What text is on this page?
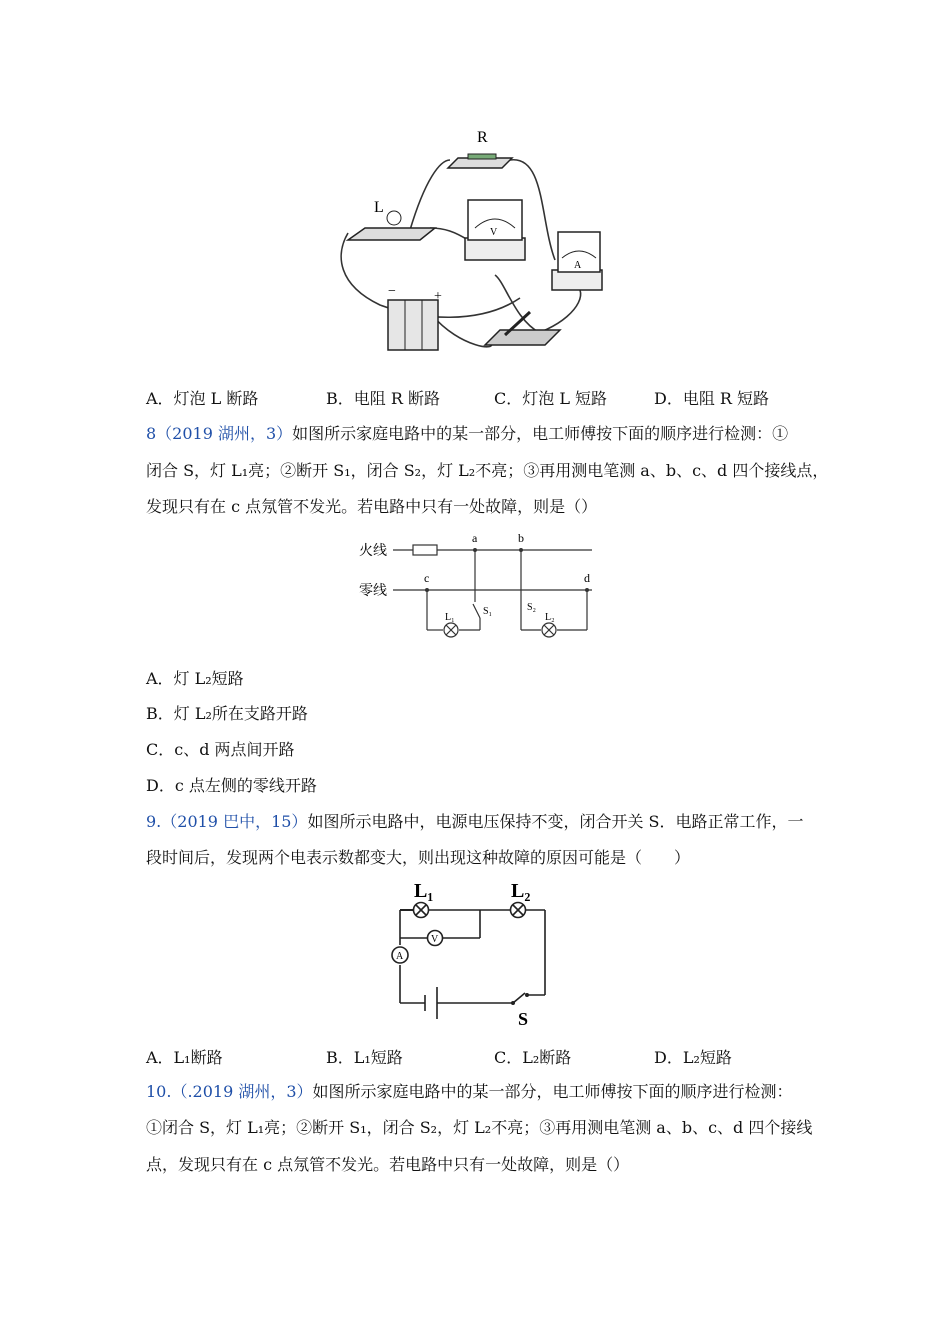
R
L
V
A
−	+
A．灯泡 L 断路	B．电阻 R 断路	C．灯泡 L 短路	D．电阻 R 短路
8（2019 湖州，3）如图所示家庭电路中的某一部分，电工师傅按下面的顺序进行检测：①
闭合 S，灯 L₁亮；②断开 S₁，闭合 S₂，灯 L₂不亮；③再用测电笔测 a、b、c、d 四个接线点，
发现只有在 c 点氖管不发光。若电路中只有一处故障，则是（）
火线
零线
a	b
c	d
S₁	S₂
L₁	L₂
A．灯 L₂短路
B．灯 L₂所在支路开路
C．c、d 两点间开路
D．c 点左侧的零线开路
9.（2019 巴中，15）如图所示电路中，电源电压保持不变，闭合开关 S．电路正常工作，一
段时间后，发现两个电表示数都变大，则出现这种故障的原因可能是（　　）
L₁	L₂
V
A
S
A．L₁断路	B．L₁短路	C．L₂断路	D．L₂短路
10.（.2019 湖州，3）如图所示家庭电路中的某一部分，电工师傅按下面的顺序进行检测：
①闭合 S，灯 L₁亮；②断开 S₁，闭合 S₂，灯 L₂不亮；③再用测电笔测 a、b、c、d 四个接线
点，发现只有在 c 点氖管不发光。若电路中只有一处故障，则是（）
